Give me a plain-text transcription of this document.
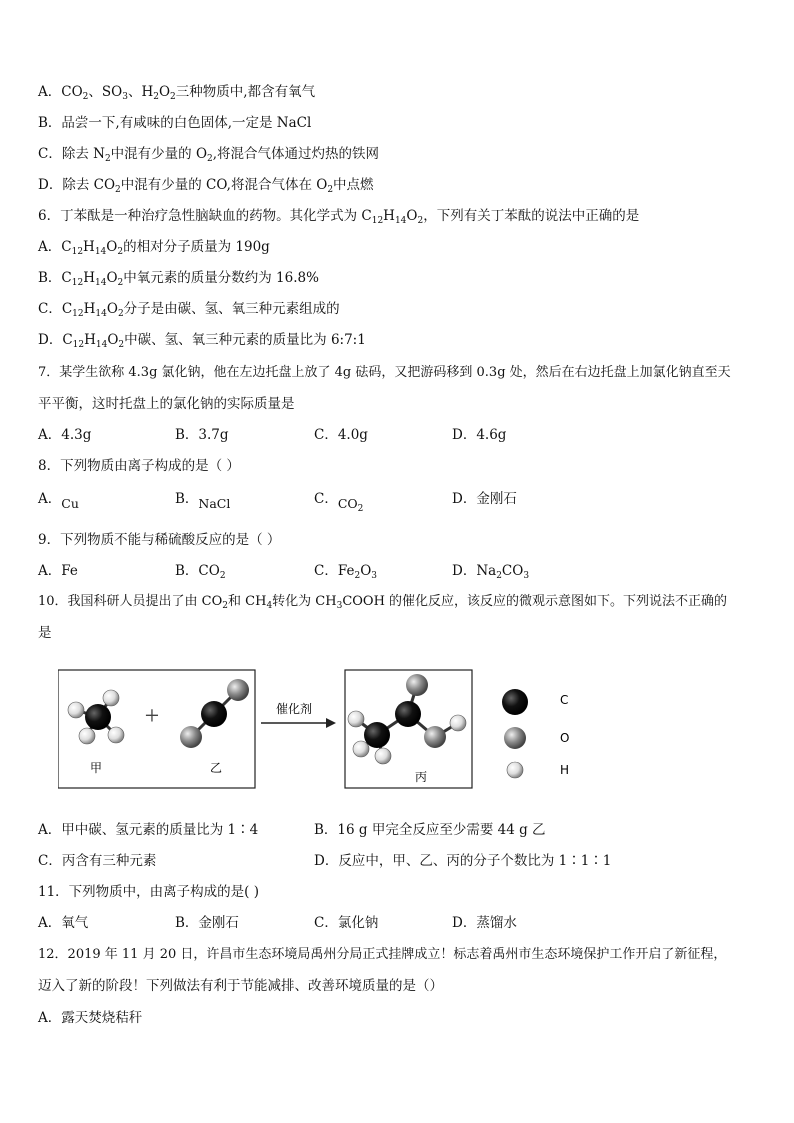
A．$CO_2$、$SO_3$、$H_2O_2$三种物质中,都含有氧气
B．品尝一下,有咸味的白色固体,一定是 NaCl
C．除去 $N_2$中混有少量的 $O_2$,将混合气体通过灼热的铁网
D．除去 $CO_2$中混有少量的 CO,将混合气体在 $O_2$中点燃
6．丁苯酞是一种治疗急性脑缺血的药物。其化学式为 $C_{12}H_{14}O_2$，下列有关丁苯酞的说法中正确的是
A．$C_{12}H_{14}O_2$的相对分子质量为 190g
B．$C_{12}H_{14}O_2$中氧元素的质量分数约为 16.8%
C．$C_{12}H_{14}O_2$分子是由碳、氢、氧三种元素组成的
D．$C_{12}H_{14}O_2$中碳、氢、氧三种元素的质量比为 6:7:1
7．某学生欲称 4.3g 氯化钠，他在左边托盘上放了 4g 砝码，又把游码移到 0.3g 处，然后在右边托盘上加氯化钠直至天
平平衡，这时托盘上的氯化钠的实际质量是
A．4.3g	B．3.7g	C．4.0g	D．4.6g
8．下列物质由离子构成的是（ ）
A．Cu	B．NaCl	C．$CO_2$
D．金刚石
9．下列物质不能与稀硫酸反应的是（ ）
A．Fe	B．$CO_2$	C．$Fe_2O_3$	D．$Na_2CO_3$
10．我国科研人员提出了由 $CO_2$和 $CH_4$转化为 $CH_3COOH$ 的催化反应，该反应的微观示意图如下。下列说法不正确的
是
+
甲	乙
催化剂
丙
C
O
H
A．甲中碳、氢元素的质量比为 1∶4	B．16 g 甲完全反应至少需要 44 g 乙
C．丙含有三种元素	D．反应中，甲、乙、丙的分子个数比为 1∶1∶1
11．下列物质中，由离子构成的是( )
A．氧气	B．金刚石	C．氯化钠	D．蒸馏水
12．2019 年 11 月 20 日，许昌市生态环境局禹州分局正式挂牌成立！标志着禹州市生态环境保护工作开启了新征程，
迈入了新的阶段！下列做法有利于节能减排、改善环境质量的是（）
A．露天焚烧秸秆
